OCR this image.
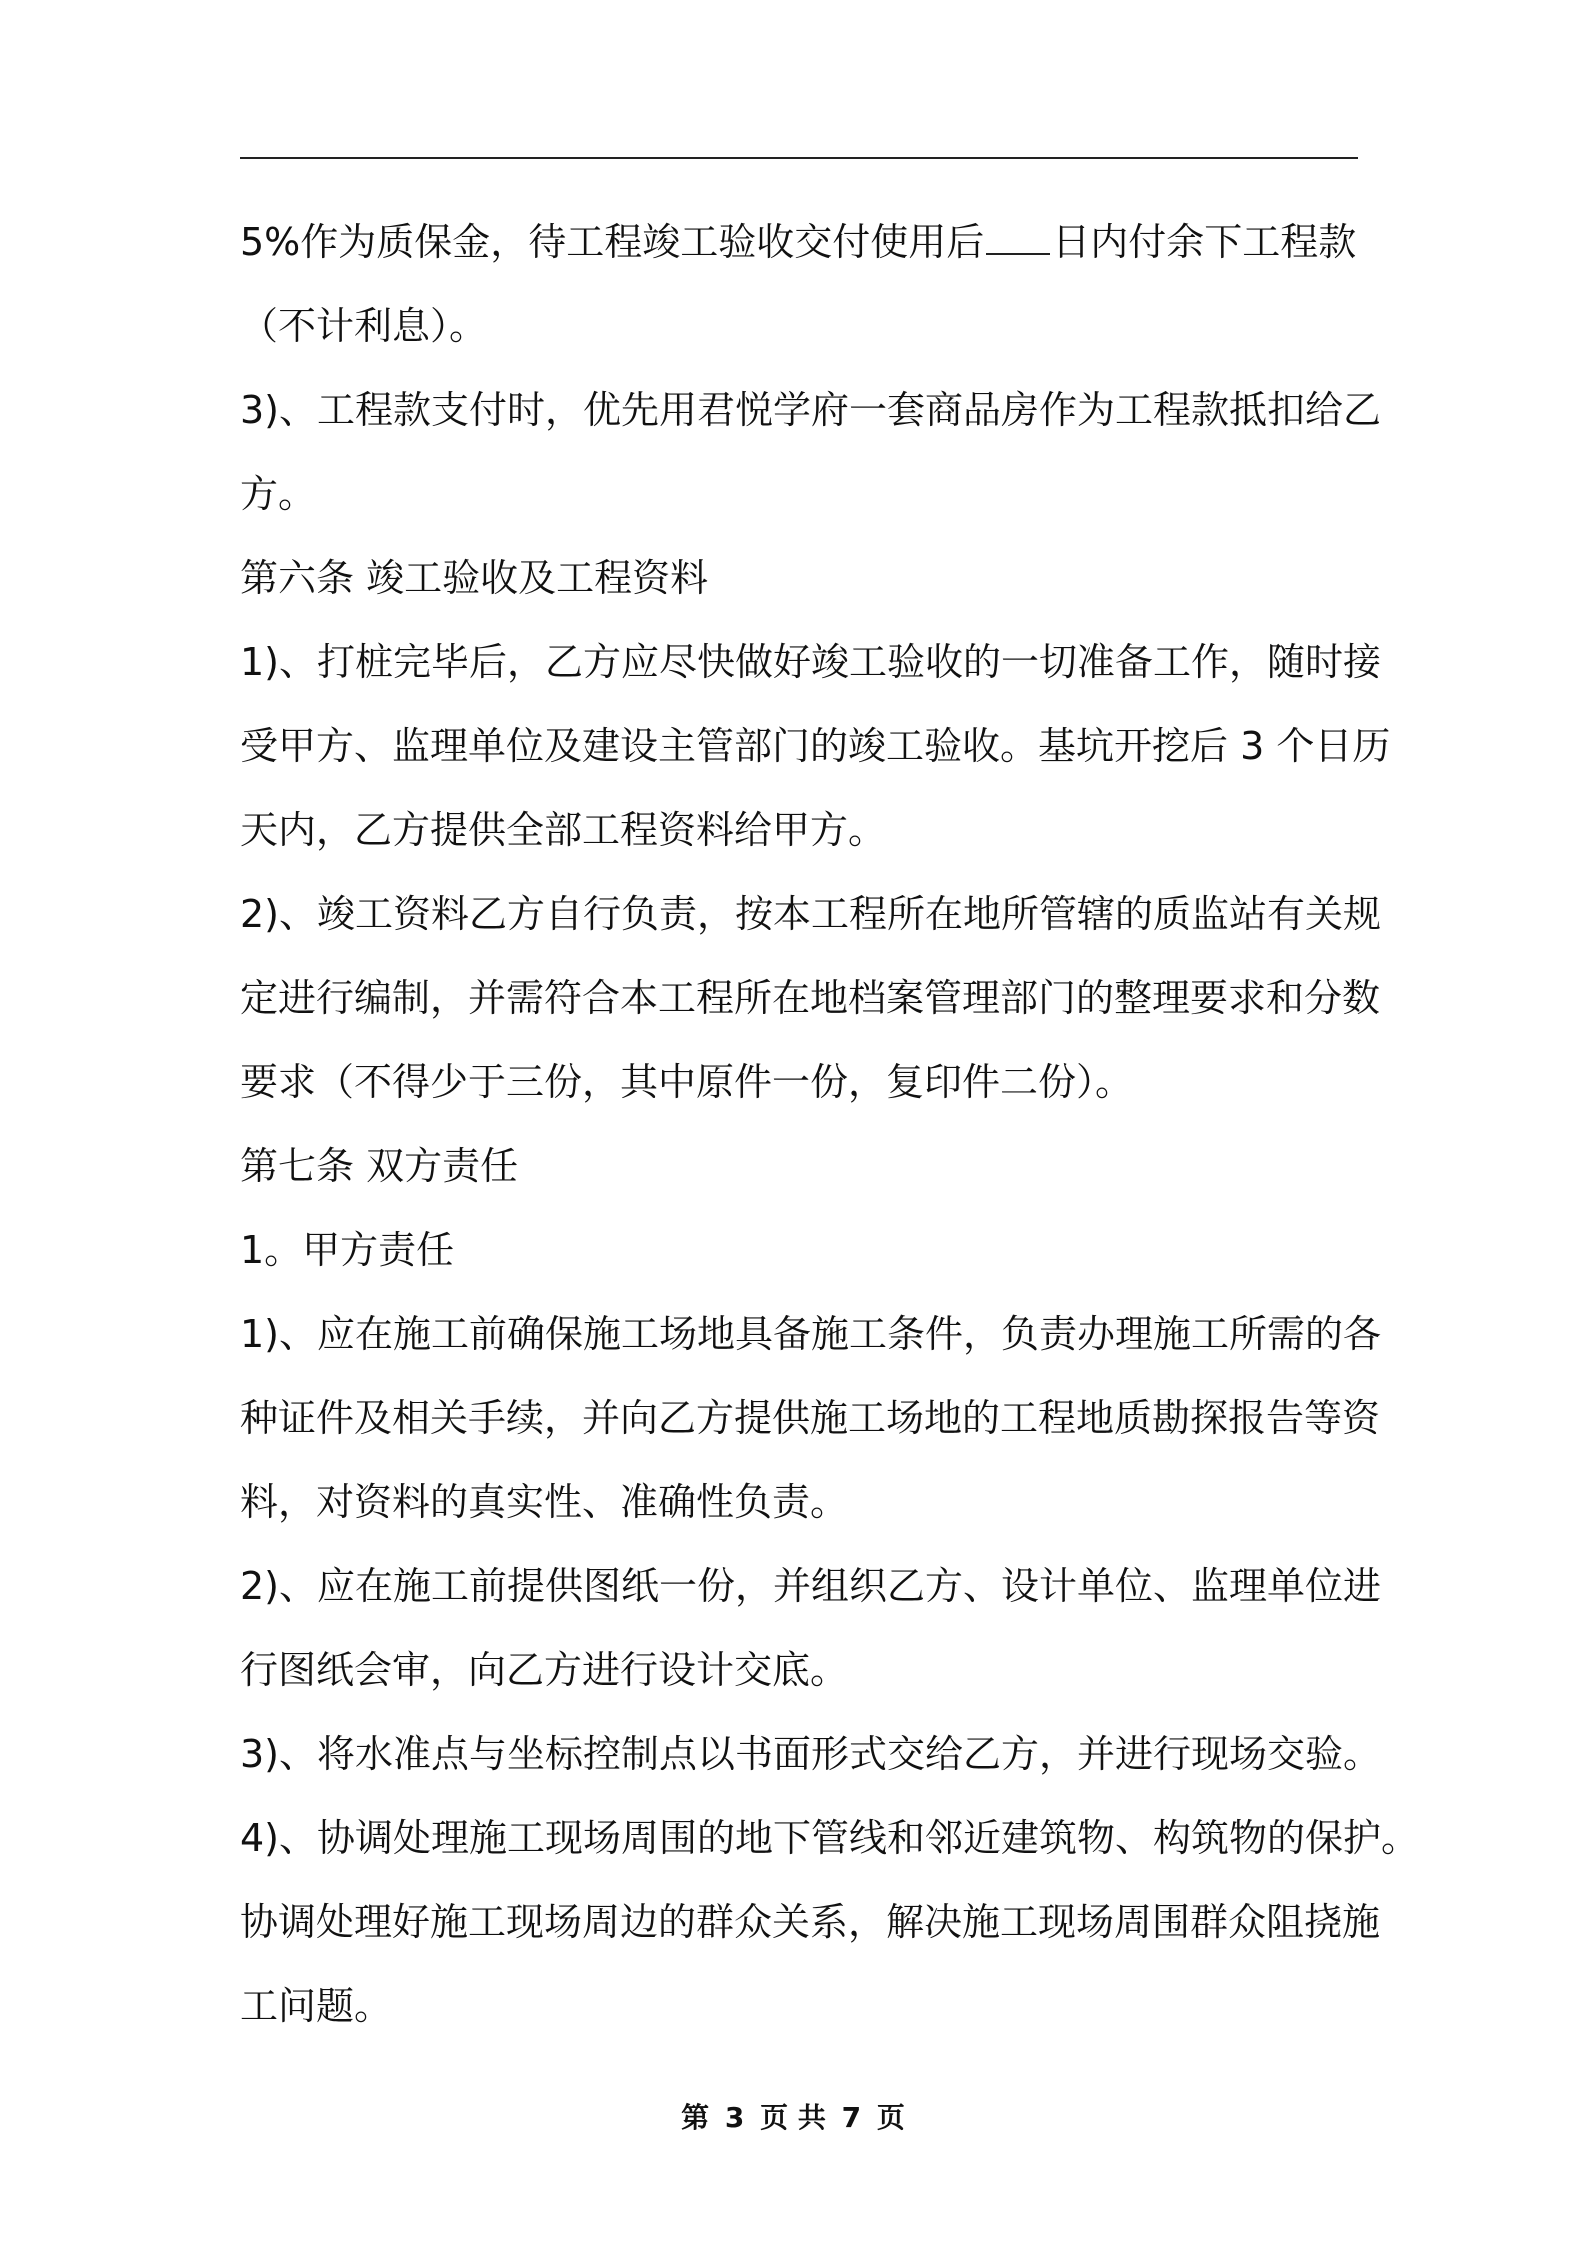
5%作为质保金，待工程竣工验收交付使用后 日内付余下工程款
（不计利息）。
3)、工程款支付时，优先用君悦学府一套商品房作为工程款抵扣给乙
方。
第六条 竣工验收及工程资料
1)、打桩完毕后，乙方应尽快做好竣工验收的一切准备工作，随时接
受甲方、监理单位及建设主管部门的竣工验收。基坑开挖后 3 个日历
天内，乙方提供全部工程资料给甲方。
2)、竣工资料乙方自行负责，按本工程所在地所管辖的质监站有关规
定进行编制，并需符合本工程所在地档案管理部门的整理要求和分数
要求（不得少于三份，其中原件一份，复印件二份）。
第七条 双方责任
1。甲方责任
1)、应在施工前确保施工场地具备施工条件，负责办理施工所需的各
种证件及相关手续，并向乙方提供施工场地的工程地质勘探报告等资
料，对资料的真实性、准确性负责。
2)、应在施工前提供图纸一份，并组织乙方、设计单位、监理单位进
行图纸会审，向乙方进行设计交底。
3)、将水准点与坐标控制点以书面形式交给乙方，并进行现场交验。
4)、协调处理施工现场周围的地下管线和邻近建筑物、构筑物的保护。
协调处理好施工现场周边的群众关系，解决施工现场周围群众阻挠施
工问题。
第 3 页 共 7 页
